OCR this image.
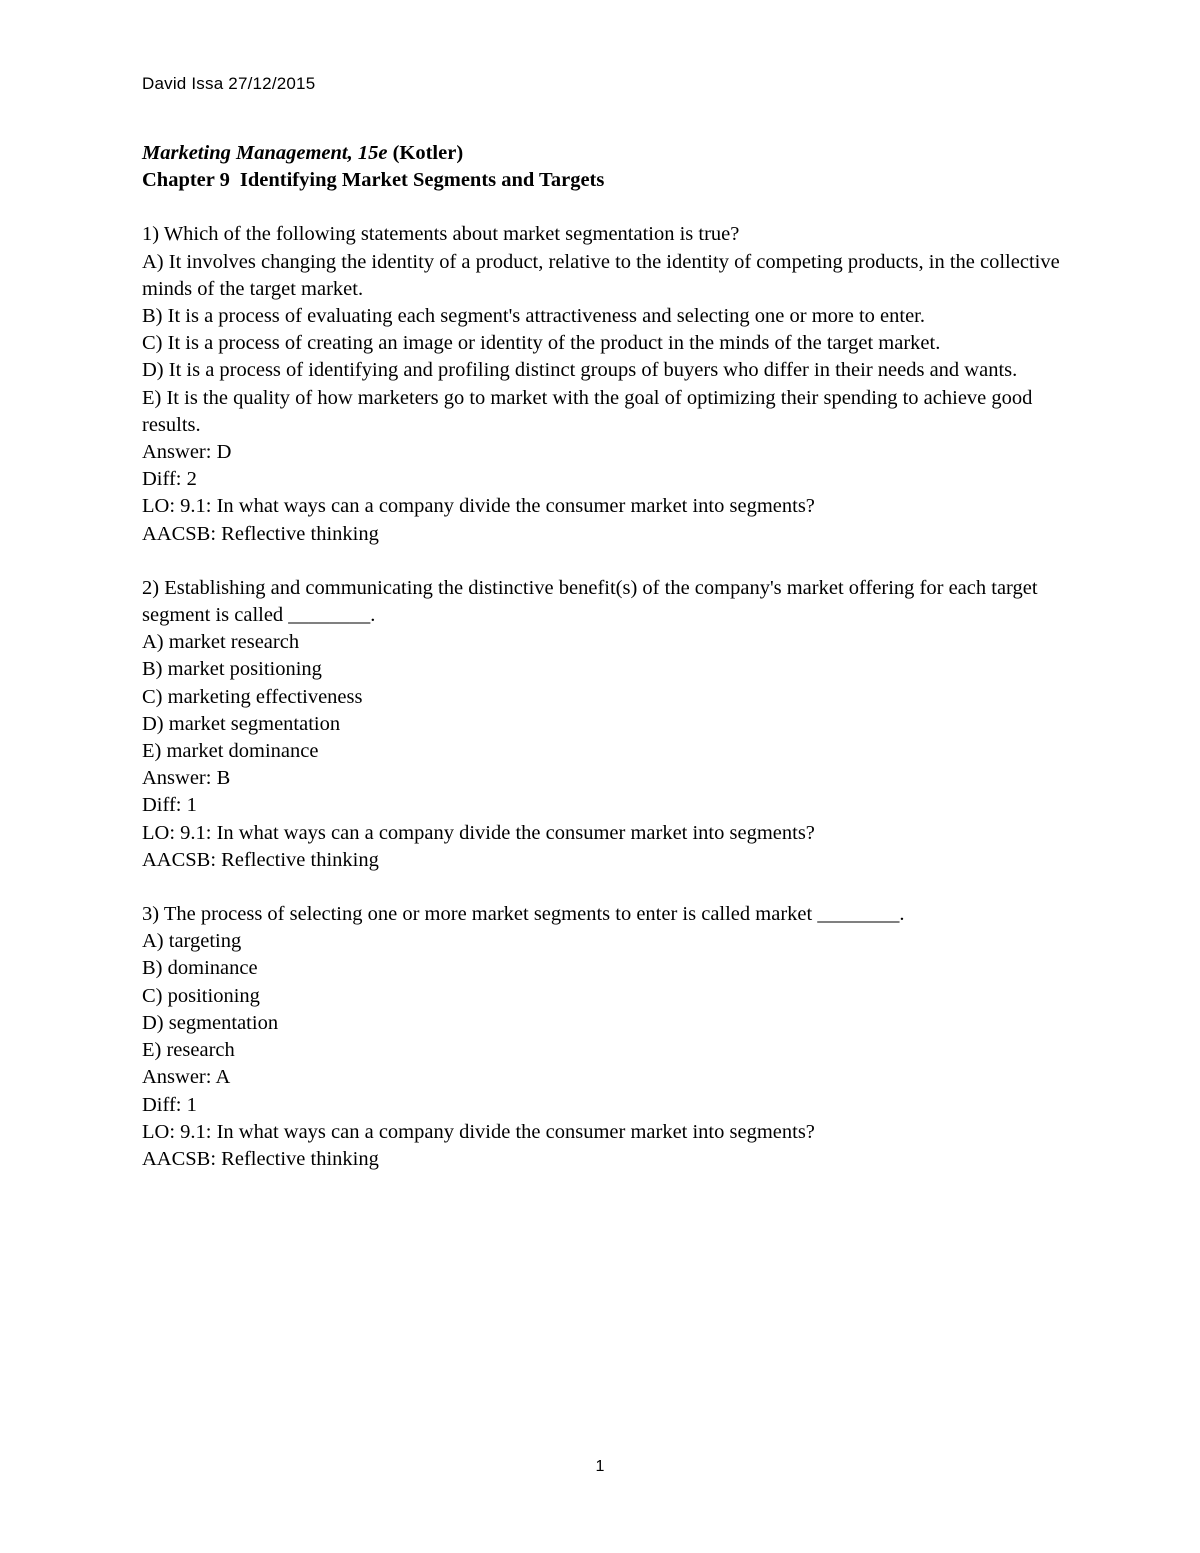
David Issa 27/12/2015
Marketing Management, 15e (Kotler)
Chapter 9 Identifying Market Segments and Targets
1) Which of the following statements about market segmentation is true?
A) It involves changing the identity of a product, relative to the identity of competing products, in the collective minds of the target market.
B) It is a process of evaluating each segment's attractiveness and selecting one or more to enter.
C) It is a process of creating an image or identity of the product in the minds of the target market.
D) It is a process of identifying and profiling distinct groups of buyers who differ in their needs and wants.
E) It is the quality of how marketers go to market with the goal of optimizing their spending to achieve good results.
Answer: D
Diff: 2
LO: 9.1: In what ways can a company divide the consumer market into segments?
AACSB: Reflective thinking
2) Establishing and communicating the distinctive benefit(s) of the company's market offering for each target segment is called ________.
A) market research
B) market positioning
C) marketing effectiveness
D) market segmentation
E) market dominance
Answer: B
Diff: 1
LO: 9.1: In what ways can a company divide the consumer market into segments?
AACSB: Reflective thinking
3) The process of selecting one or more market segments to enter is called market ________.
A) targeting
B) dominance
C) positioning
D) segmentation
E) research
Answer: A
Diff: 1
LO: 9.1: In what ways can a company divide the consumer market into segments?
AACSB: Reflective thinking
1
